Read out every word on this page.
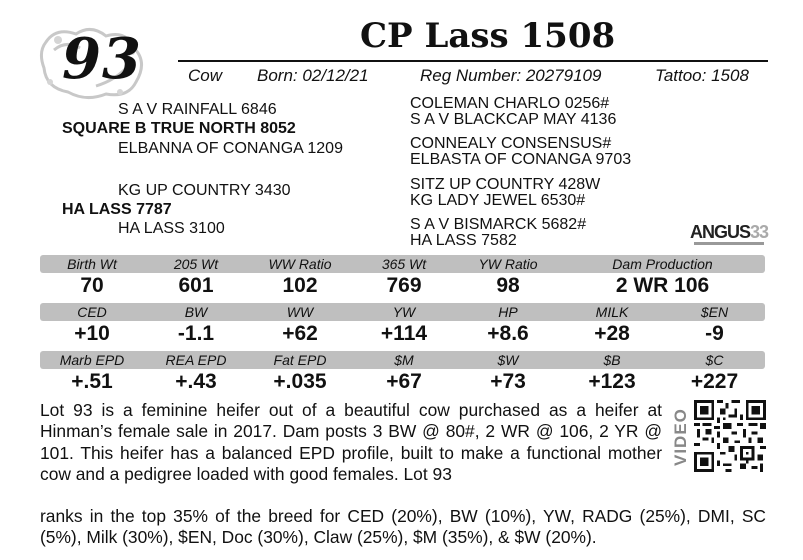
93	CP Lass 1508
Cow Born: 02/12/21	Reg Number: 20279109	Tattoo: 1508
S A V RAINFALL 6846
SQUARE B TRUE NORTH 8052
ELBANNA OF CONANGA 1209
KG UP COUNTRY 3430
HA LASS 7787
HA LASS 3100
COLEMAN CHARLO 0256#
S A V BLACKCAP MAY 4136
CONNEALY CONSENSUS#
ELBASTA OF CONANGA 9703
SITZ UP COUNTRY 428W
KG LADY JEWEL 6530#
S A V BISMARCK 5682#
HA LASS 7582	ANGUS33
Birth Wt	205 Wt	WW Ratio	365 Wt	YW Ratio	Dam Production
70	601	102	769	98	2 WR 106
CED	BW	WW	YW	HP	MILK	$EN
+10	-1.1	+62	+114	+8.6	+28	-9
Marb EPD	REA EPD	Fat EPD	$M	$W	$B	$C
+.51	+.43	+.035	+67	+73	+123	+227
Lot 93 is a feminine heifer out of a beautiful cow purchased as a heifer at Hinman’s female sale in 2017. Dam posts 3 BW @ 80#, 2 WR @ 106, 2 YR @ 101. This heifer has a balanced EPD profile, built to make a functional mother cow and a pedigree loaded with good females. Lot 93
ranks in the top 35% of the breed for CED (20%), BW (10%), YW, RADG (25%), DMI, SC (5%), Milk (30%), $EN, Doc (30%), Claw (25%), $M (35%), & $W (20%).
VIDEO
